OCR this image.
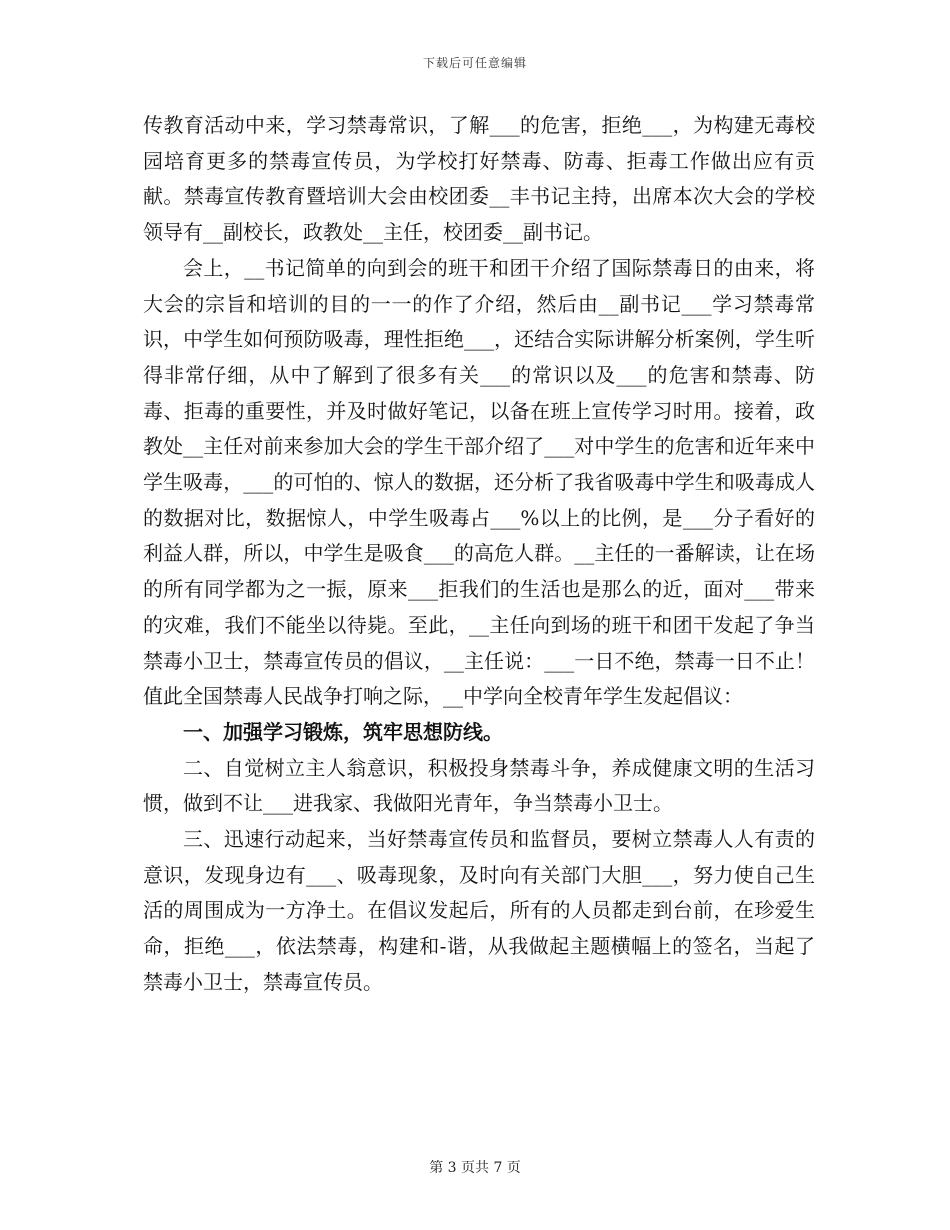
下载后可任意编辑

传教育活动中来，学习禁毒常识，了解___的危害，拒绝___，为构建无毒校园培育更多的禁毒宣传员，为学校打好禁毒、防毒、拒毒工作做出应有贡献。禁毒宣传教育暨培训大会由校团委__丰书记主持，出席本次大会的学校领导有__副校长，政教处__主任，校团委__副书记。

会上，__书记简单的向到会的班干和团干介绍了国际禁毒日的由来，将大会的宗旨和培训的目的一一的作了介绍，然后由__副书记___学习禁毒常识，中学生如何预防吸毒，理性拒绝___，还结合实际讲解分析案例，学生听得非常仔细，从中了解到了很多有关___的常识以及___的危害和禁毒、防毒、拒毒的重要性，并及时做好笔记，以备在班上宣传学习时用。接着，政教处__主任对前来参加大会的学生干部介绍了___对中学生的危害和近年来中学生吸毒，___的可怕的、惊人的数据，还分析了我省吸毒中学生和吸毒成人的数据对比，数据惊人，中学生吸毒占___%以上的比例，是___分子看好的利益人群，所以，中学生是吸食___的高危人群。__主任的一番解读，让在场的所有同学都为之一振，原来___拒我们的生活也是那么的近，面对___带来的灾难，我们不能坐以待毙。至此，__主任向到场的班干和团干发起了争当禁毒小卫士，禁毒宣传员的倡议，__主任说：___一日不绝，禁毒一日不止！值此全国禁毒人民战争打响之际，__中学向全校青年学生发起倡议：

一、加强学习锻炼，筑牢思想防线。

二、自觉树立主人翁意识，积极投身禁毒斗争，养成健康文明的生活习惯，做到不让___进我家、我做阳光青年，争当禁毒小卫士。

三、迅速行动起来，当好禁毒宣传员和监督员，要树立禁毒人人有责的意识，发现身边有___、吸毒现象，及时向有关部门大胆___，努力使自己生活的周围成为一方净土。在倡议发起后，所有的人员都走到台前，在珍爱生命，拒绝___，依法禁毒，构建和-谐，从我做起主题横幅上的签名，当起了禁毒小卫士，禁毒宣传员。

第 3 页共 7 页
